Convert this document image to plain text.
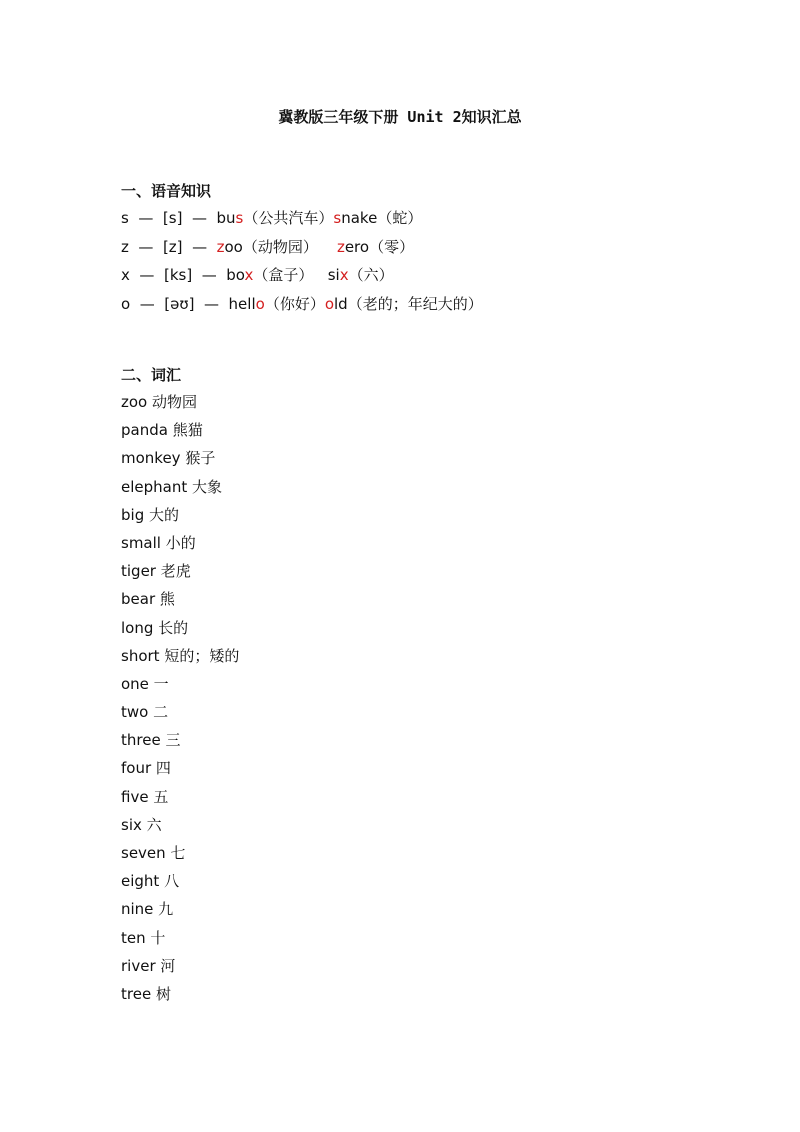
冀教版三年级下册 Unit 2知识汇总
一、语音知识
s  —  [s]  —  bus（公共汽车）snake（蛇）
z  —  [z]  —  zoo（动物园） zero（零）
x  —  [ks]  —  box（盒子） six（六）
o  —  [əʊ]  —  hello（你好）old（老的；年纪大的）
二、词汇
zoo 动物园
panda 熊猫
monkey 猴子
elephant 大象
big 大的
small 小的
tiger 老虎
bear 熊
long 长的
short 短的；矮的
one 一
two 二
three 三
four 四
five 五
six 六
seven 七
eight 八
nine 九
ten 十
river 河
tree 树
